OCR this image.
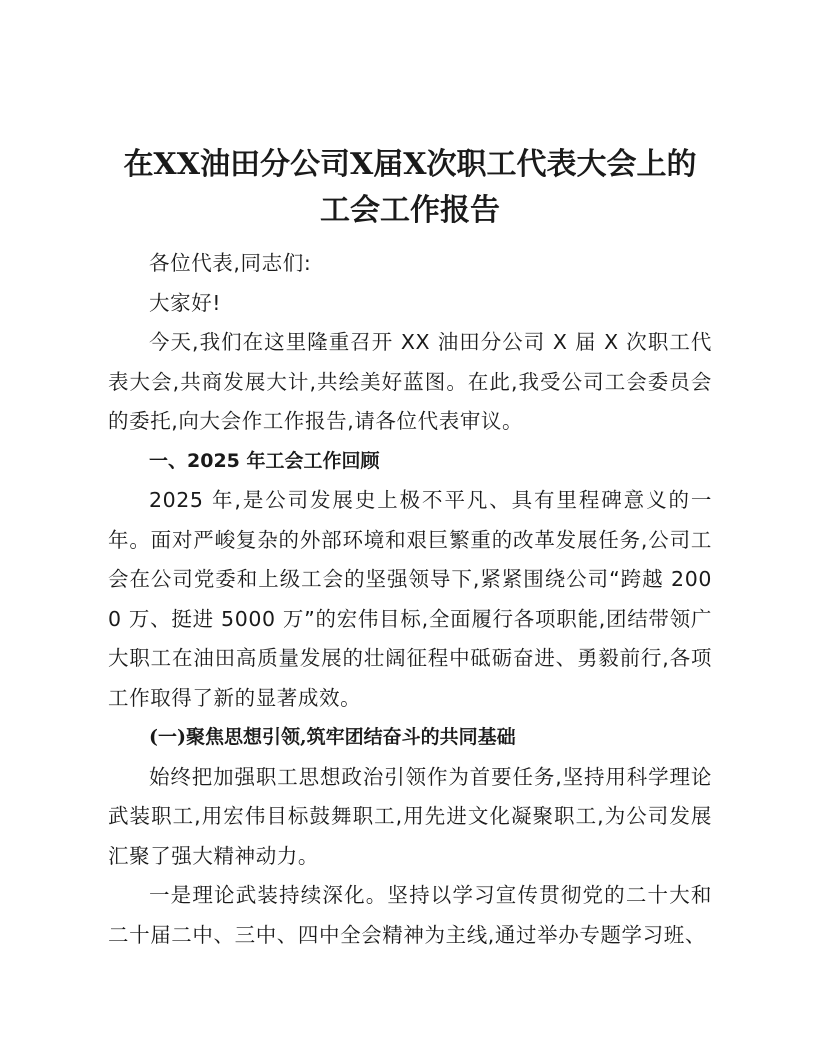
在XX油田分公司X届X次职工代表大会上的
工会工作报告

各位代表,同志们:

大家好!

今天,我们在这里隆重召开 XX 油田分公司 X 届 X 次职工代表大会,共商发展大计,共绘美好蓝图。在此,我受公司工会委员会的委托,向大会作工作报告,请各位代表审议。

一、2025 年工会工作回顾

2025 年,是公司发展史上极不平凡、具有里程碑意义的一年。面对严峻复杂的外部环境和艰巨繁重的改革发展任务,公司工会在公司党委和上级工会的坚强领导下,紧紧围绕公司“跨越 2000 万、挺进 5000 万”的宏伟目标,全面履行各项职能,团结带领广大职工在油田高质量发展的壮阔征程中砥砺奋进、勇毅前行,各项工作取得了新的显著成效。

(一)聚焦思想引领,筑牢团结奋斗的共同基础

始终把加强职工思想政治引领作为首要任务,坚持用科学理论武装职工,用宏伟目标鼓舞职工,用先进文化凝聚职工,为公司发展汇聚了强大精神动力。

一是理论武装持续深化。坚持以学习宣传贯彻党的二十大和二十届二中、三中、四中全会精神为主线,通过举办专题学习班、
